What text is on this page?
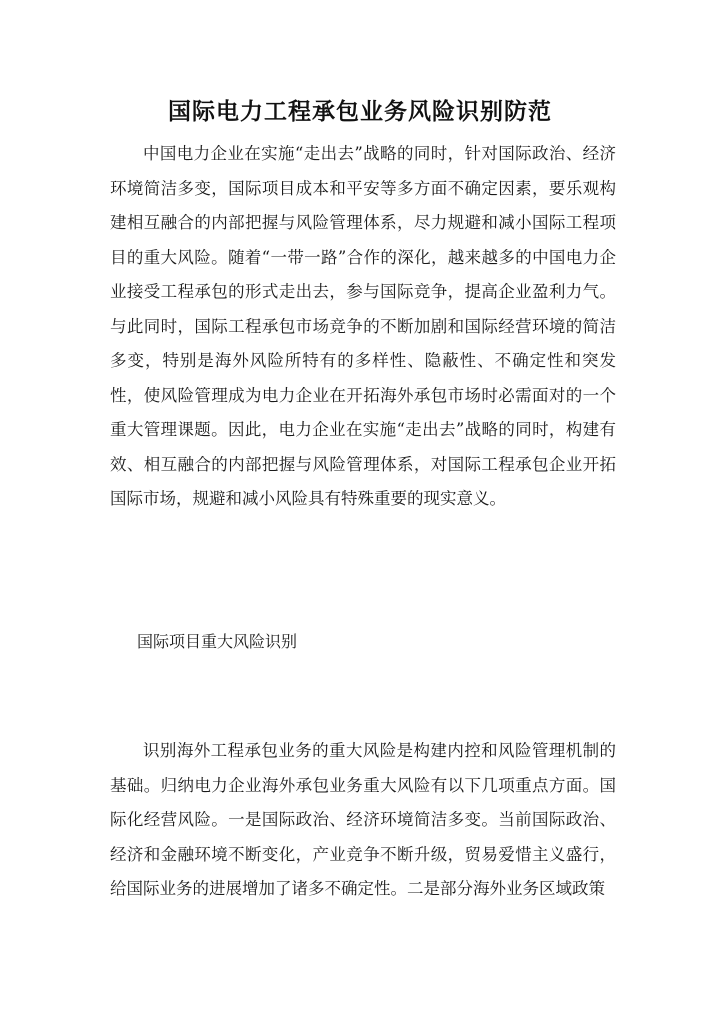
国际电力工程承包业务风险识别防范

中国电力企业在实施“走出去”战略的同时，针对国际政治、经济环境简洁多变，国际项目成本和平安等多方面不确定因素，要乐观构建相互融合的内部把握与风险管理体系，尽力规避和减小国际工程项目的重大风险。随着“一带一路”合作的深化，越来越多的中国电力企业接受工程承包的形式走出去，参与国际竞争，提高企业盈利力气。与此同时，国际工程承包市场竞争的不断加剧和国际经营环境的简洁多变，特别是海外风险所特有的多样性、隐蔽性、不确定性和突发性，使风险管理成为电力企业在开拓海外承包市场时必需面对的一个重大管理课题。因此，电力企业在实施“走出去”战略的同时，构建有效、相互融合的内部把握与风险管理体系，对国际工程承包企业开拓国际市场，规避和减小风险具有特殊重要的现实意义。

国际项目重大风险识别

识别海外工程承包业务的重大风险是构建内控和风险管理机制的基础。归纳电力企业海外承包业务重大风险有以下几项重点方面。国际化经营风险。一是国际政治、经济环境简洁多变。当前国际政治、经济和金融环境不断变化，产业竞争不断升级，贸易爱惜主义盛行，给国际业务的进展增加了诸多不确定性。二是部分海外业务区域政策
